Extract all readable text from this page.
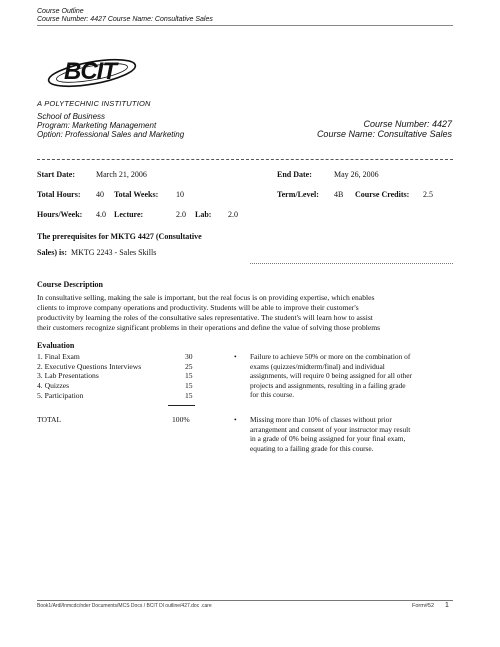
Course Outline
Course Number: 4427 Course Name: Consultative Sales
BCIT
A POLYTECHNIC INSTITUTION
School of Business
Program: Marketing Management
Option: Professional Sales and Marketing
Course Number: 4427
Course Name: Consultative Sales
Start Date:	March 21, 2006	End Date:	May 26, 2006
Total Hours: 40 Total Weeks: 10	Term/Level: 4B Course Credits: 2.5
Hours/Week: 4.0 Lecture:	2.0 Lab: 2.0
The prerequisites for MKTG 4427 (Consultative
Sales) is: MKTG 2243 - Sales Skills
Course Description
In consultative selling, making the sale is important, but the real focus is on providing expertise, which enables
clients to improve company operations and productivity. Students will be able to improve their customer's
productivity by learning the roles of the consultative sales representative. The student's will learn how to assist
their customers recognize significant problems in their operations and define the value of solving those problems
Evaluation
1. Final Exam	30
2. Executive Questions Interviews	25
3. Lab Presentations	15
4. Quizzes	15
5. Participation	15
TOTAL	100%
• Failure to achieve 50% or more on the combination of
exams (quizzes/midterm/final) and individual
assignments, will require 0 being assigned for all other
projects and assignments, resulting in a failing grade
for this course.
• Missing more than 10% of classes without prior
arrangement and consent of your instructor may result
in a grade of 0% being assigned for your final exam,
equating to a failing grade for this course.
Book1/Ardl/Inmcdc/nder Documents/MCS Docs / BCIT Dl outline/427.doc .care	Form#52 1
